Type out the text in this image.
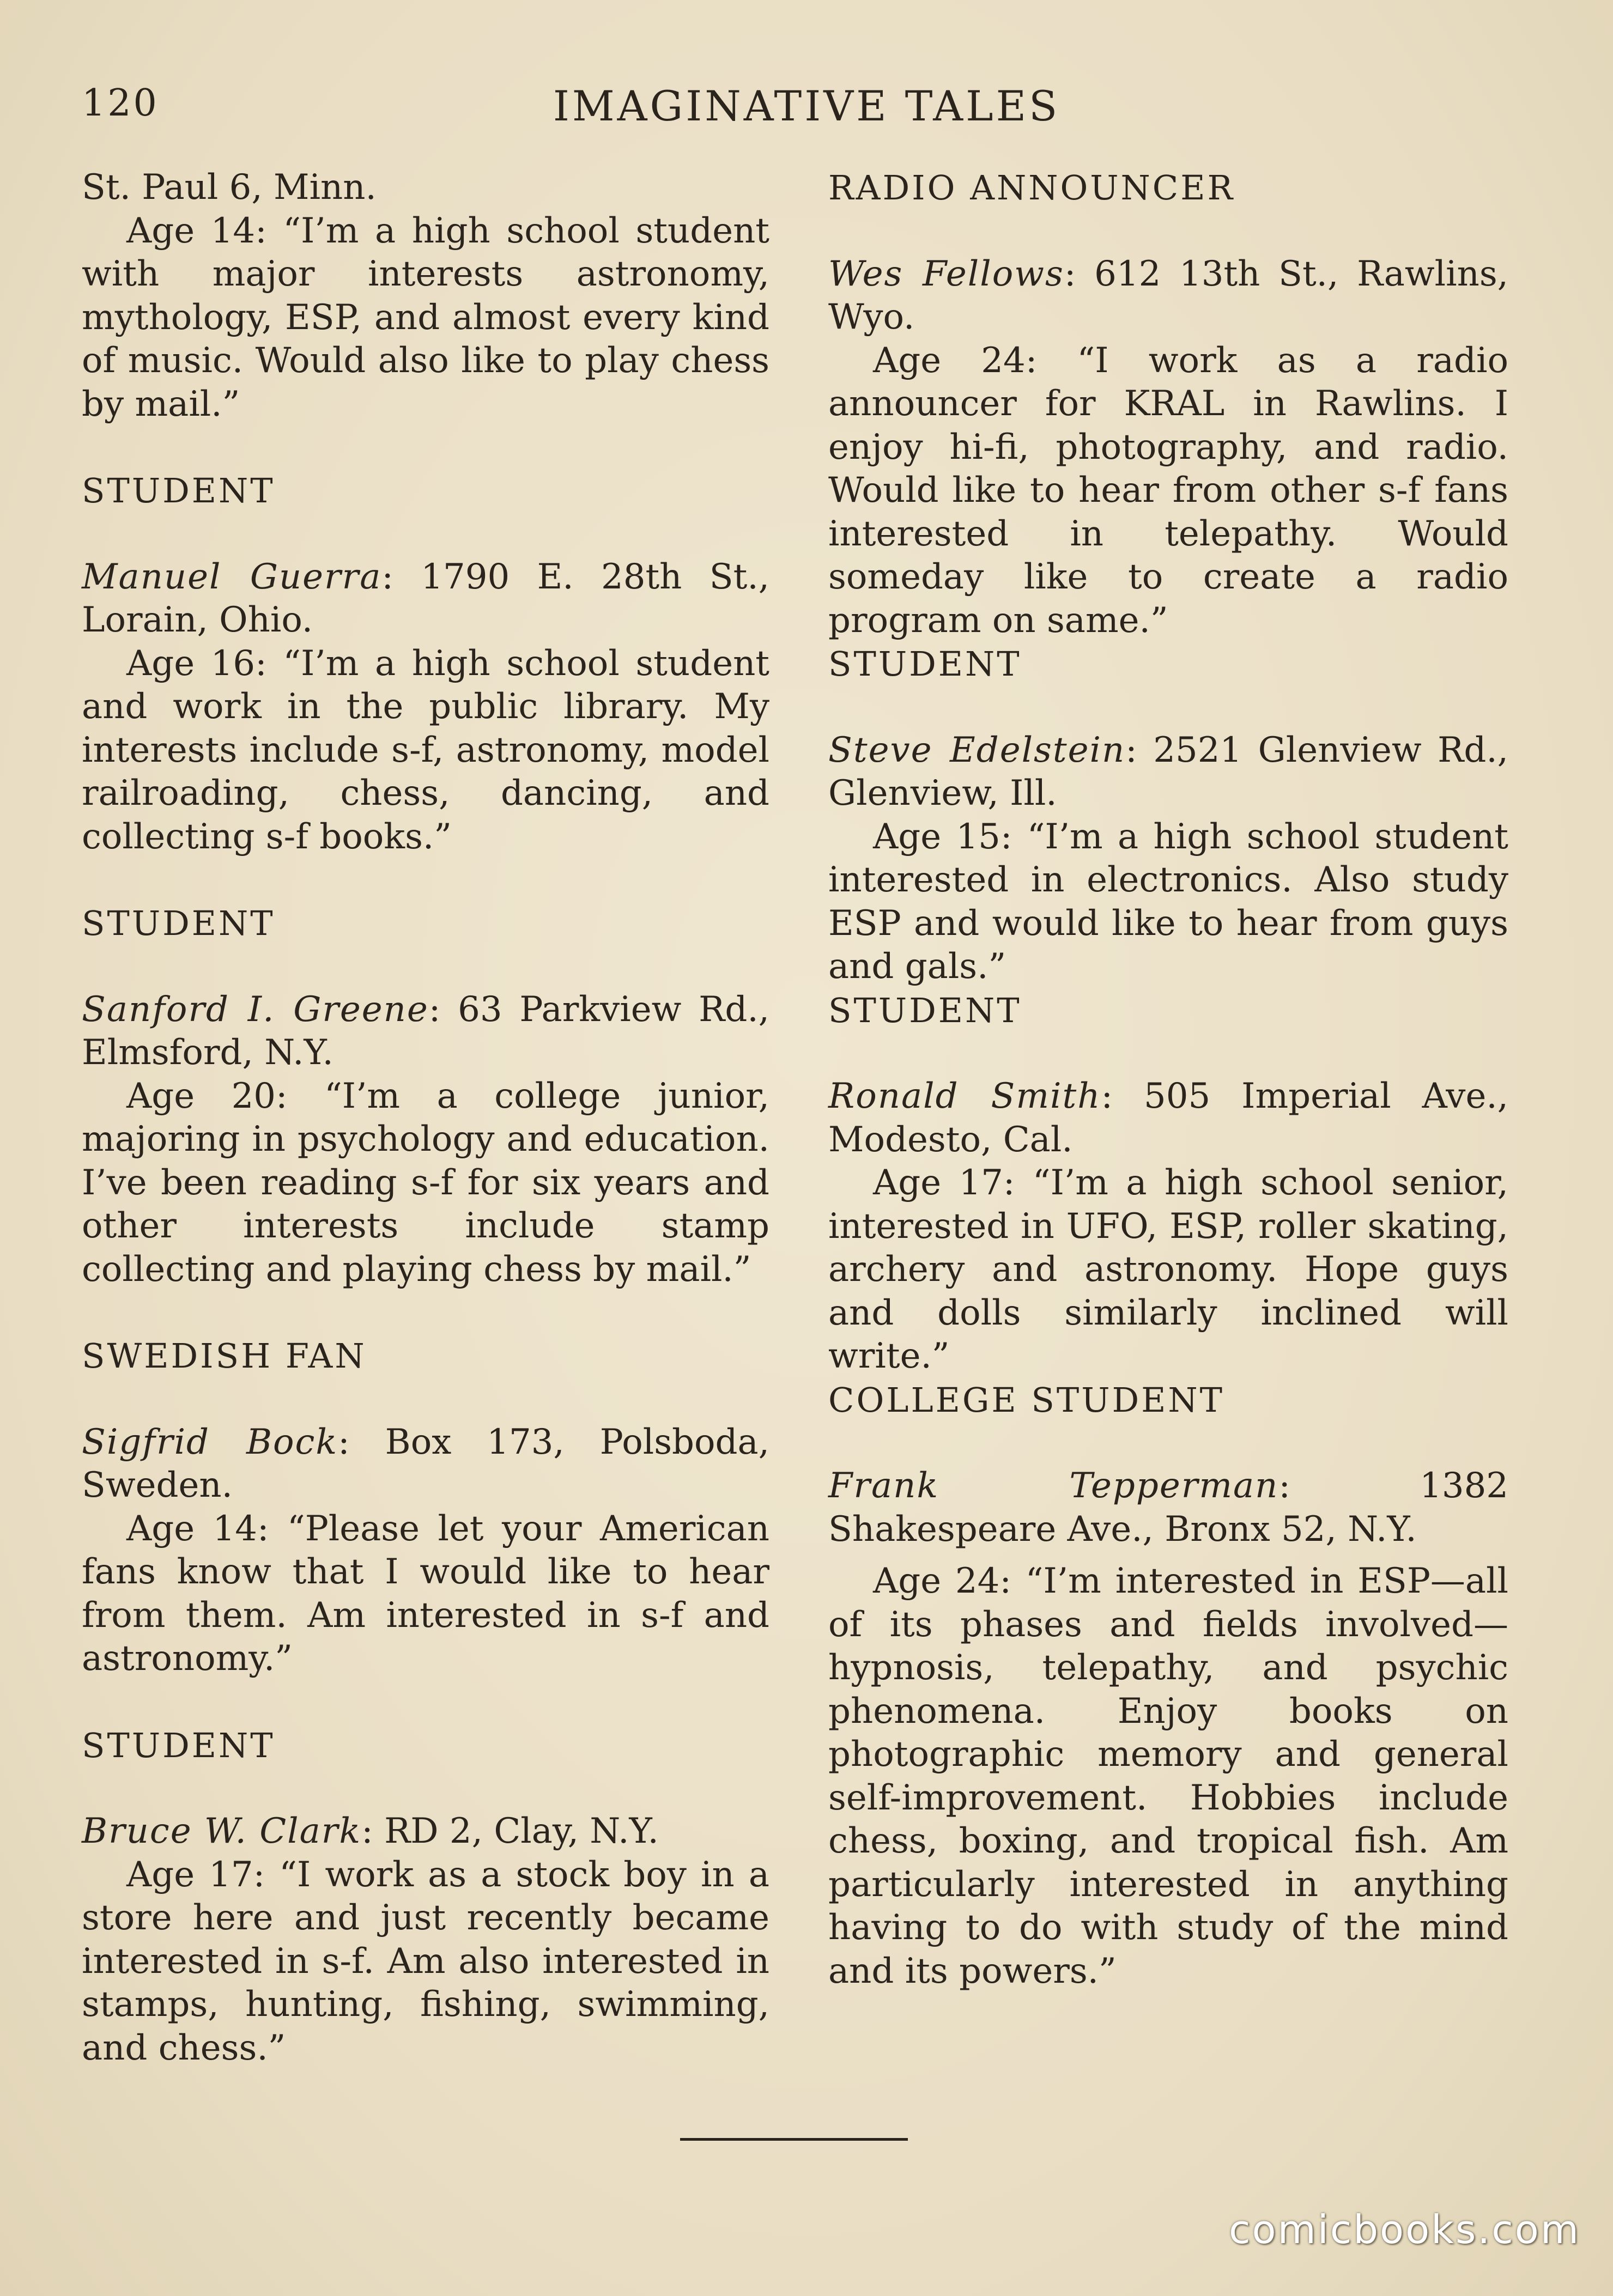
120	IMAGINATIVE TALES

St. Paul 6, Minn.

Age 14: “I’m a high school student with major interests astronomy, mythology, ESP, and almost every kind of music. Would also like to play chess by mail.”

STUDENT

Manuel Guerra: 1790 E. 28th St., Lorain, Ohio.

Age 16: “I’m a high school student and work in the public library. My interests include s-f, astronomy, model railroading, chess, dancing, and collecting s-f books.”

STUDENT

Sanford I. Greene: 63 Parkview Rd., Elmsford, N.Y.

Age 20: “I’m a college junior, majoring in psychology and education. I’ve been reading s-f for six years and other interests include stamp collecting and playing chess by mail.”

SWEDISH FAN

Sigfrid Bock: Box 173, Polsboda, Sweden.

Age 14: “Please let your American fans know that I would like to hear from them. Am interested in s-f and astronomy.”

STUDENT

Bruce W. Clark: RD 2, Clay, N.Y.

Age 17: “I work as a stock boy in a store here and just recently became interested in s-f. Am also interested in stamps, hunting, fishing, swimming, and chess.”

RADIO ANNOUNCER

Wes Fellows: 612 13th St., Rawlins, Wyo.

Age 24: “I work as a radio announcer for KRAL in Rawlins. I enjoy hi-fi, photography, and radio. Would like to hear from other s-f fans interested in telepathy. Would someday like to create a radio program on same.”

STUDENT

Steve Edelstein: 2521 Glenview Rd., Glenview, Ill.

Age 15: “I’m a high school student interested in electronics. Also study ESP and would like to hear from guys and gals.”

STUDENT

Ronald Smith: 505 Imperial Ave., Modesto, Cal.

Age 17: “I’m a high school senior, interested in UFO, ESP, roller skating, archery and astronomy. Hope guys and dolls similarly inclined will write.”

COLLEGE STUDENT

Frank Tepperman: 1382 Shakespeare Ave., Bronx 52, N.Y.

Age 24: “I’m interested in ESP—all of its phases and fields involved—hypnosis, telepathy, and psychic phenomena. Enjoy books on photographic memory and general self-improvement. Hobbies include chess, boxing, and tropical fish. Am particularly interested in anything having to do with study of the mind and its powers.”

comicbooks.com
